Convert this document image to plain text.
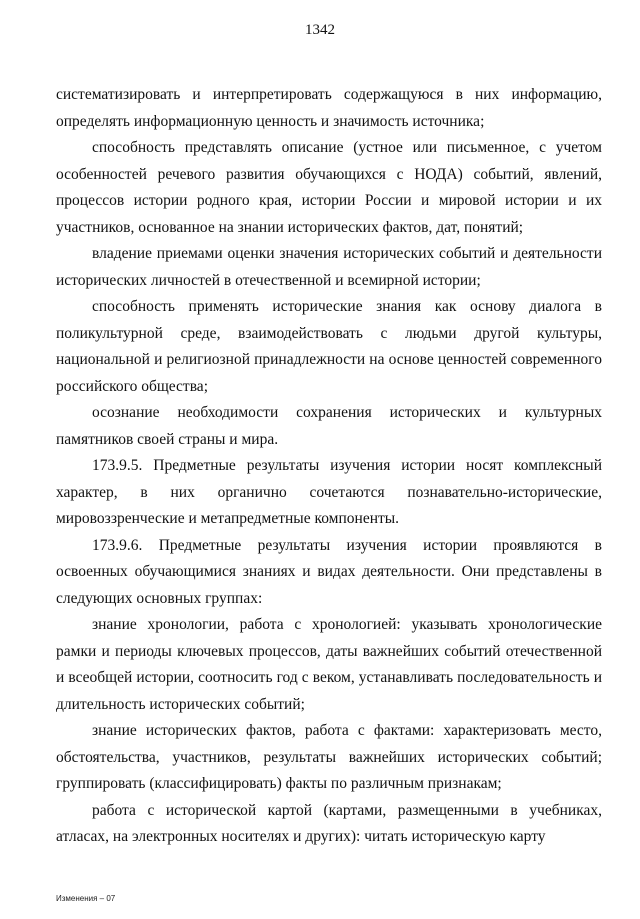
1342

систематизировать и интерпретировать содержащуюся в них информацию, определять информационную ценность и значимость источника;

способность представлять описание (устное или письменное, с учетом особенностей речевого развития обучающихся с НОДА) событий, явлений, процессов истории родного края, истории России и мировой истории и их участников, основанное на знании исторических фактов, дат, понятий;

владение приемами оценки значения исторических событий и деятельности исторических личностей в отечественной и всемирной истории;

способность применять исторические знания как основу диалога в поликультурной среде, взаимодействовать с людьми другой культуры, национальной и религиозной принадлежности на основе ценностей современного российского общества;

осознание необходимости сохранения исторических и культурных памятников своей страны и мира.

173.9.5. Предметные результаты изучения истории носят комплексный характер, в них органично сочетаются познавательно-исторические, мировоззренческие и метапредметные компоненты.

173.9.6. Предметные результаты изучения истории проявляются в освоенных обучающимися знаниях и видах деятельности. Они представлены в следующих основных группах:

знание хронологии, работа с хронологией: указывать хронологические рамки и периоды ключевых процессов, даты важнейших событий отечественной и всеобщей истории, соотносить год с веком, устанавливать последовательность и длительность исторических событий;

знание исторических фактов, работа с фактами: характеризовать место, обстоятельства, участников, результаты важнейших исторических событий; группировать (классифицировать) факты по различным признакам;

работа с исторической картой (картами, размещенными в учебниках, атласах, на электронных носителях и других): читать историческую карту

Изменения – 07
